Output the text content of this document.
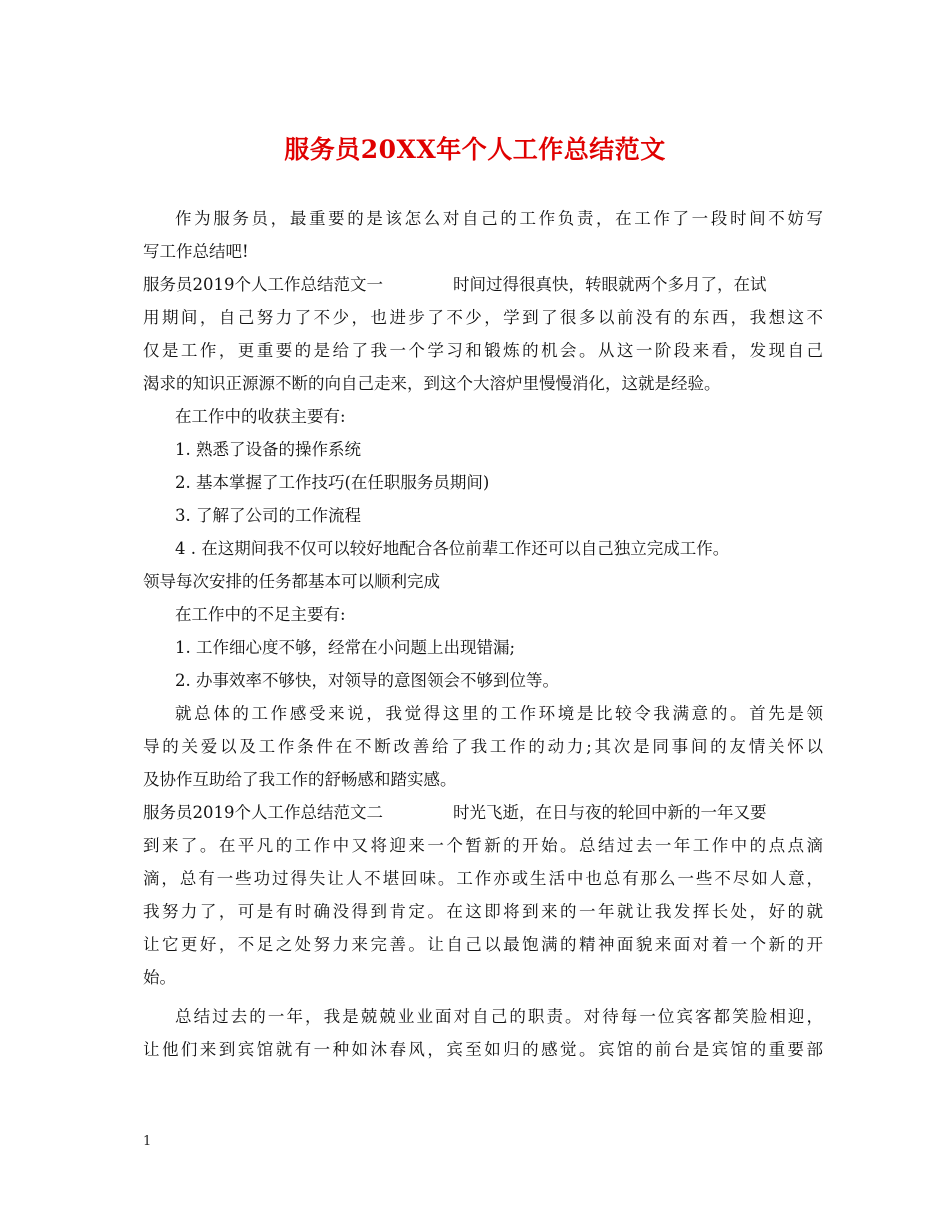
服务员20XX年个人工作总结范文
作为服务员，最重要的是该怎么对自己的工作负责，在工作了一段时间不妨写
写工作总结吧!
服务员2019个人工作总结范文一	时间过得很真快，转眼就两个多月了，在试
用期间，自己努力了不少，也进步了不少，学到了很多以前没有的东西，我想这不
仅是工作，更重要的是给了我一个学习和锻炼的机会。从这一阶段来看，发现自己
渴求的知识正源源不断的向自己走来，到这个大溶炉里慢慢消化，这就是经验。
在工作中的收获主要有:
1. 熟悉了设备的操作系统
2. 基本掌握了工作技巧(在任职服务员期间)
3. 了解了公司的工作流程
4 . 在这期间我不仅可以较好地配合各位前辈工作还可以自己独立完成工作。
领导每次安排的任务都基本可以顺利完成
在工作中的不足主要有:
1. 工作细心度不够，经常在小问题上出现错漏;
2. 办事效率不够快，对领导的意图领会不够到位等。
就总体的工作感受来说，我觉得这里的工作环境是比较令我满意的。首先是领
导的关爱以及工作条件在不断改善给了我工作的动力;其次是同事间的友情关怀以
及协作互助给了我工作的舒畅感和踏实感。
服务员2019个人工作总结范文二	时光飞逝，在日与夜的轮回中新的一年又要
到来了。在平凡的工作中又将迎来一个暂新的开始。总结过去一年工作中的点点滴
滴，总有一些功过得失让人不堪回味。工作亦或生活中也总有那么一些不尽如人意，
我努力了，可是有时确没得到肯定。在这即将到来的一年就让我发挥长处，好的就
让它更好，不足之处努力来完善。让自己以最饱满的精神面貌来面对着一个新的开
始。
总结过去的一年，我是兢兢业业面对自己的职责。对待每一位宾客都笑脸相迎，
让他们来到宾馆就有一种如沐春风，宾至如归的感觉。宾馆的前台是宾馆的重要部
1
